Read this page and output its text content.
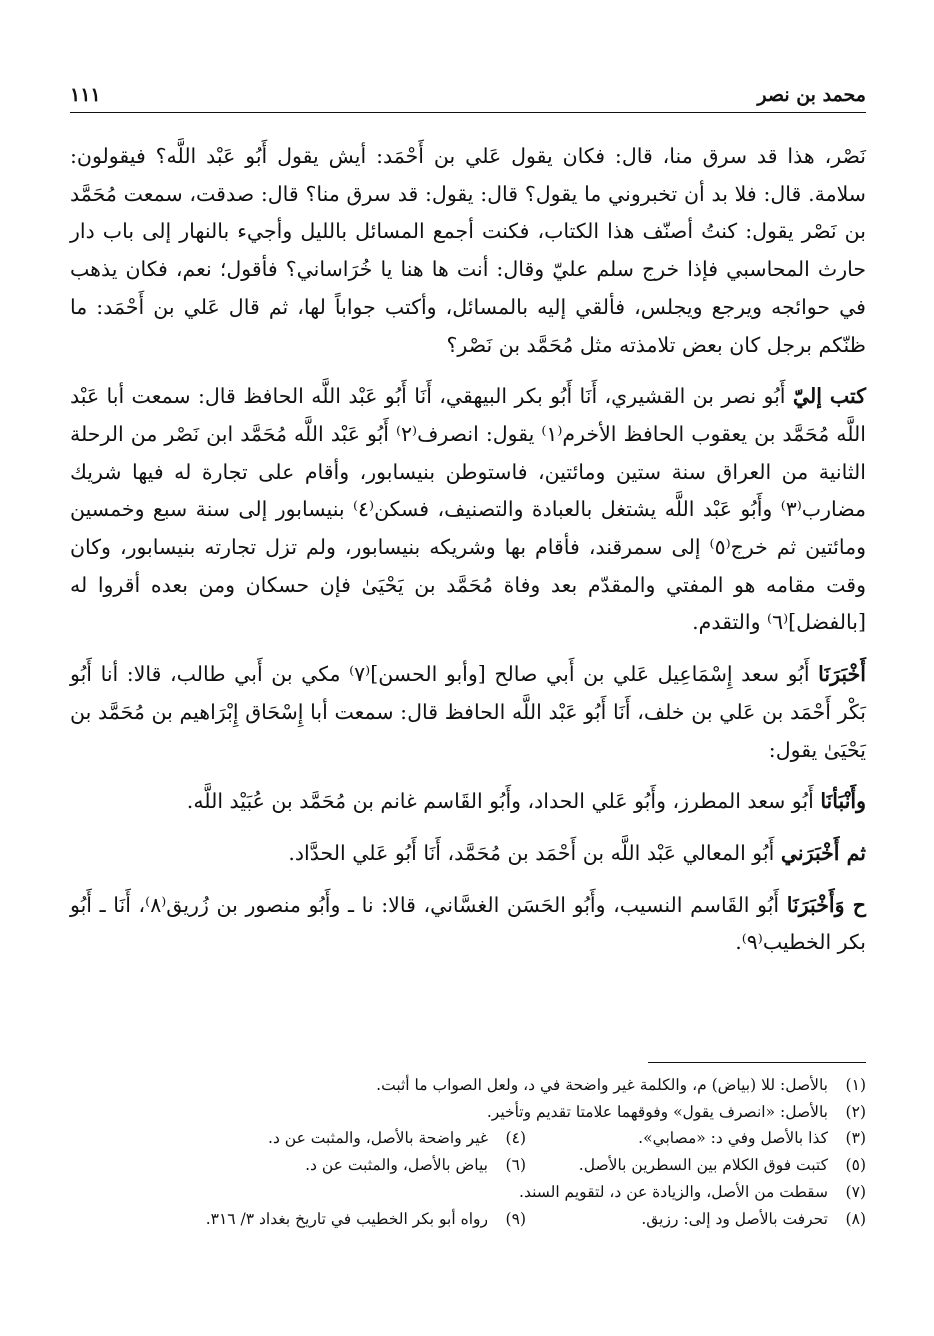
محمد بن نصر
١١١

نَصْر، هذا قد سرق منا، قال: فكان يقول عَلي بن أَحْمَد: أيش يقول أَبُو عَبْد اللَّه؟ فيقولون: سلامة. قال: فلا بد أن تخبروني ما يقول؟ قال: يقول: قد سرق منا؟ قال: صدقت، سمعت مُحَمَّد بن نَصْر يقول: كنتُ أصنّف هذا الكتاب، فكنت أجمع المسائل بالليل وأجيء بالنهار إلى باب دار حارث المحاسبي فإذا خرج سلم عليّ وقال: أنت ها هنا يا خُرَاساني؟ فأقول؛ نعم، فكان يذهب في حوائجه ويرجع ويجلس، فألقي إليه بالمسائل، وأكتب جواباً لها، ثم قال عَلي بن أَحْمَد: ما ظنّكم برجل كان بعض تلامذته مثل مُحَمَّد بن نَصْر؟

كتب إليّ أَبُو نصر بن القشيري، أَنَا أَبُو بكر البيهقي، أَنَا أَبُو عَبْد اللَّه الحافظ قال: سمعت أبا عَبْد اللَّه مُحَمَّد بن يعقوب الحافظ الأخرم⁽١⁾ يقول: انصرف⁽٢⁾ أَبُو عَبْد اللَّه مُحَمَّد ابن نَصْر من الرحلة الثانية من العراق سنة ستين ومائتين، فاستوطن بنيسابور، وأقام على تجارة له فيها شريك مضارب⁽٣⁾ وأَبُو عَبْد اللَّه يشتغل بالعبادة والتصنيف، فسكن⁽٤⁾ بنيسابور إلى سنة سبع وخمسين ومائتين ثم خرج⁽٥⁾ إلى سمرقند، فأقام بها وشريكه بنيسابور، ولم تزل تجارته بنيسابور، وكان وقت مقامه هو المفتي والمقدّم بعد وفاة مُحَمَّد بن يَحْيَىٰ فإن حسكان ومن بعده أقروا له [بالفضل]⁽٦⁾ والتقدم.

أَخْبَرَنَا أَبُو سعد إِسْمَاعِيل عَلي بن أَبي صالح [وأبو الحسن]⁽٧⁾ مكي بن أَبي طالب، قالا: أنا أَبُو بَكْر أَحْمَد بن عَلي بن خلف، أَنَا أَبُو عَبْد اللَّه الحافظ قال: سمعت أبا إِسْحَاق إِبْرَاهيم بن مُحَمَّد بن يَحْيَىٰ يقول:

وأَنْبَأنَا أَبُو سعد المطرز، وأَبُو عَلي الحداد، وأَبُو القَاسم غانم بن مُحَمَّد بن عُبَيْد اللَّه.

ثم أَخْبَرَني أَبُو المعالي عَبْد اللَّه بن أَحْمَد بن مُحَمَّد، أَنَا أَبُو عَلي الحدَّاد.

ح وَأَخْبَرَنَا أَبُو القَاسم النسيب، وأَبُو الحَسَن الغسَّاني، قالا: نا ـ وأَبُو منصور بن زُريق⁽٨⁾، أَنَا ـ أَبُو بكر الخطيب⁽٩⁾.

(١)
بالأصل: للا (بياض) م، والكلمة غير واضحة في د، ولعل الصواب ما أثبت.
(٢)
بالأصل: «انصرف يقول» وفوقهما علامتا تقديم وتأخير.
(٣)
كذا بالأصل وفي د: «مصابي».
(٤)
غير واضحة بالأصل، والمثبت عن د.
(٥)
كتبت فوق الكلام بين السطرين بالأصل.
(٦)
بياض بالأصل، والمثبت عن د.
(٧)
سقطت من الأصل، والزيادة عن د، لتقويم السند.
(٨)
تحرفت بالأصل ود إلى: رزيق.
(٩)
رواه أبو بكر الخطيب في تاريخ بغداد ٣/ ٣١٦.
